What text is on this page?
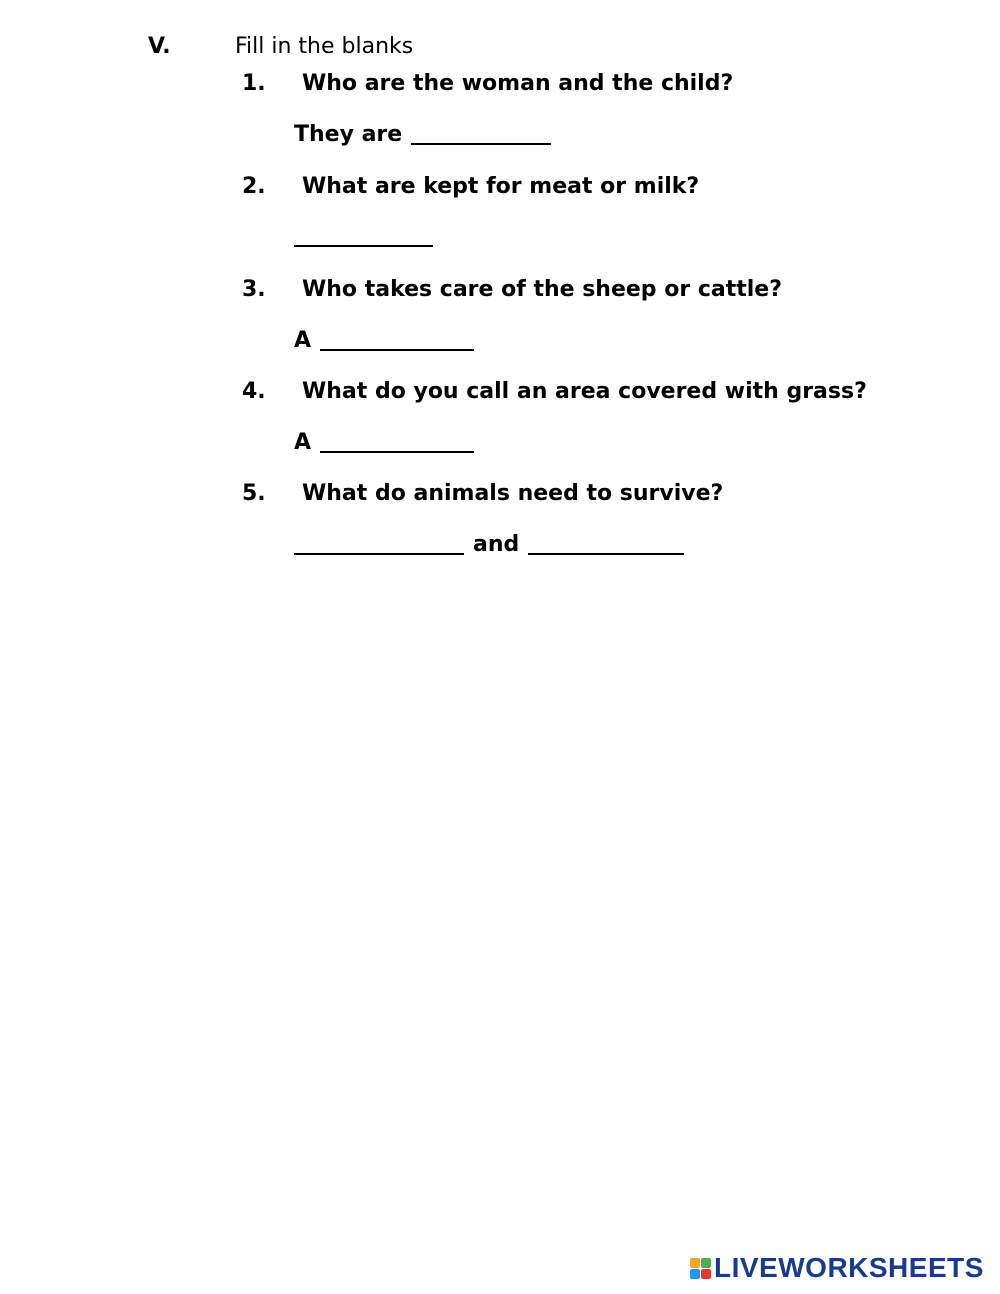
V.	Fill in the blanks
1. Who are the woman and the child?
They are
2. What are kept for meat or milk?
3. Who takes care of the sheep or cattle?
A
4. What do you call an area covered with grass?
A
5. What do animals need to survive?
and
LIVEWORKSHEETS
